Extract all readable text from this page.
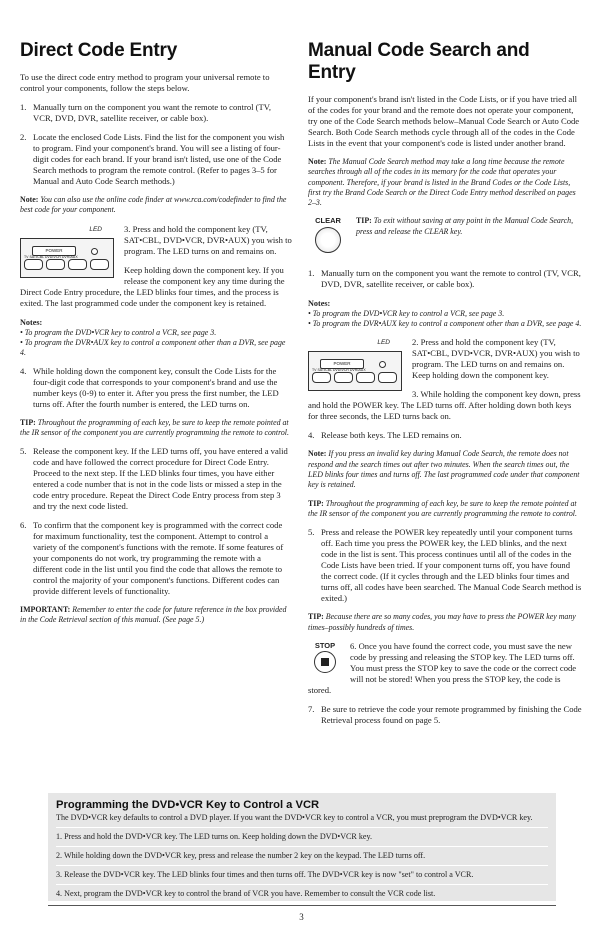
Direct Code Entry

To use the direct code entry method to program your universal remote to control your components, follow the steps below.

1. Manually turn on the component you want the remote to control (TV, VCR, DVD, DVR, satellite receiver, or cable box).
2. Locate the enclosed Code Lists. Find the list for the component you wish to program. Find your component's brand. You will see a listing of four-digit codes for each brand. If your brand isn't listed, use one of the Code Search methods to program the remote control. (Refer to pages 3–5 for Manual and Auto Code Search methods.)

Note: You can also use the online code finder at www.rca.com/codefinder to find the best code for your component.

LED
POWER
TV SAT•CBL DVD•VCR DVR•AUX
3. Press and hold the component key (TV, SAT•CBL, DVD•VCR, DVR•AUX) you wish to program. The LED turns on and remains on.

Keep holding down the component key. If you release the component key any time during the Direct Code Entry procedure, the LED blinks four times, and the process is exited. The last programmed code under the component key is retained.

Notes:

• To program the DVD•VCR key to control a VCR, see page 3.

• To program the DVR•AUX key to control a component other than a DVR, see page 4.

4. While holding down the component key, consult the Code Lists for the four-digit code that corresponds to your component's brand and use the number keys (0-9) to enter it. After you press the first number, the LED turns off. After the fourth number is entered, the LED turns on.

TIP: Throughout the programming of each key, be sure to keep the remote pointed at the IR sensor of the component you are currently programming the remote to control.

5. Release the component key. If the LED turns off, you have entered a valid code and have followed the correct procedure for Direct Code Entry. Proceed to the next step. If the LED blinks four times, you have either entered a code number that is not in the code lists or missed a step in the code entry procedure. Repeat the Direct Code Entry process from step 3 and try the next code listed.
6. To confirm that the component key is programmed with the correct code for maximum functionality, test the component. Attempt to control a variety of the component's functions with the remote. If some features of your components do not work, try programming the remote with a different code in the list until you find the code that allows the remote to control the majority of your component's functions. Different codes can provide different levels of functionality.

IMPORTANT: Remember to enter the code for future reference in the box provided in the Code Retrieval section of this manual. (See page 5.)

Manual Code Search and Entry

If your component's brand isn't listed in the Code Lists, or if you have tried all of the codes for your brand and the remote does not operate your component, try one of the Code Search methods below–Manual Code Search or Auto Code Search. Both Code Search methods cycle through all of the codes in the Code Lists in the event that your component's code is listed under another brand.

Note: The Manual Code Search method may take a long time because the remote searches through all of the codes in its memory for the code that operates your component. Therefore, if your brand is listed in the Brand Codes or the Code Lists, first try the Brand Code Search or the Direct Code Entry method described on pages 2–3.

CLEAR	TIP: To exit without saving at any point in the Manual Code Search, press and release the CLEAR key.

1. Manually turn on the component you want the remote to control (TV, VCR, DVD, DVR, satellite receiver, or cable box).

Notes:

• To program the DVD•VCR key to control a VCR, see page 3.

• To program the DVR•AUX key to control a component other than a DVR, see page 4.

LED
POWER
TV SAT•CBL DVD•VCR DVR•AUX

2. Press and hold the component key (TV, SAT•CBL, DVD•VCR, DVR•AUX) you wish to program. The LED turns on and remains on. Keep holding down the component key.

3. While holding the component key down, press and hold the POWER key. The LED turns off. After holding down both keys for three seconds, the LED turns back on.

4. Release both keys. The LED remains on.

Note: If you press an invalid key during Manual Code Search, the remote does not respond and the search times out after two minutes. When the search times out, the LED blinks four times and turns off. The last programmed code under that component key is retained.

TIP: Throughout the programming of each key, be sure to keep the remote pointed at the IR sensor of the component you are currently programming the remote to control.

5. Press and release the POWER key repeatedly until your component turns off. Each time you press the POWER key, the LED blinks, and the next code in the list is sent. This process continues until all of the codes in the Code Lists have been tried. If your component turns off, you have found the correct code. (If it cycles through and the LED blinks four times and turns off, all codes have been searched. The Manual Code Search method is exited.)

TIP: Because there are so many codes, you may have to press the POWER key many times–possibly hundreds of times.

STOP	6. Once you have found the correct code, you must save the new code by pressing and releasing the STOP key. The LED turns off. You must press the STOP key to save the code or the correct code will not be stored! When you press the STOP key, the code is stored.

7. Be sure to retrieve the code your remote programmed by finishing the Code Retrieval process found on page 5.
Programming the DVD•VCR Key to Control a VCR

The DVD•VCR key defaults to control a DVD player. If you want the DVD•VCR key to control a VCR, you must preprogram the DVD•VCR key.

1. Press and hold the DVD•VCR key. The LED turns on. Keep holding down the DVD•VCR key.

2. While holding down the DVD•VCR key, press and release the number 2 key on the keypad. The LED turns off.

3. Release the DVD•VCR key. The LED blinks four times and then turns off. The DVD•VCR key is now "set" to control a VCR.

4. Next, program the DVD•VCR key to control the brand of VCR you have. Remember to consult the VCR code list.

3
